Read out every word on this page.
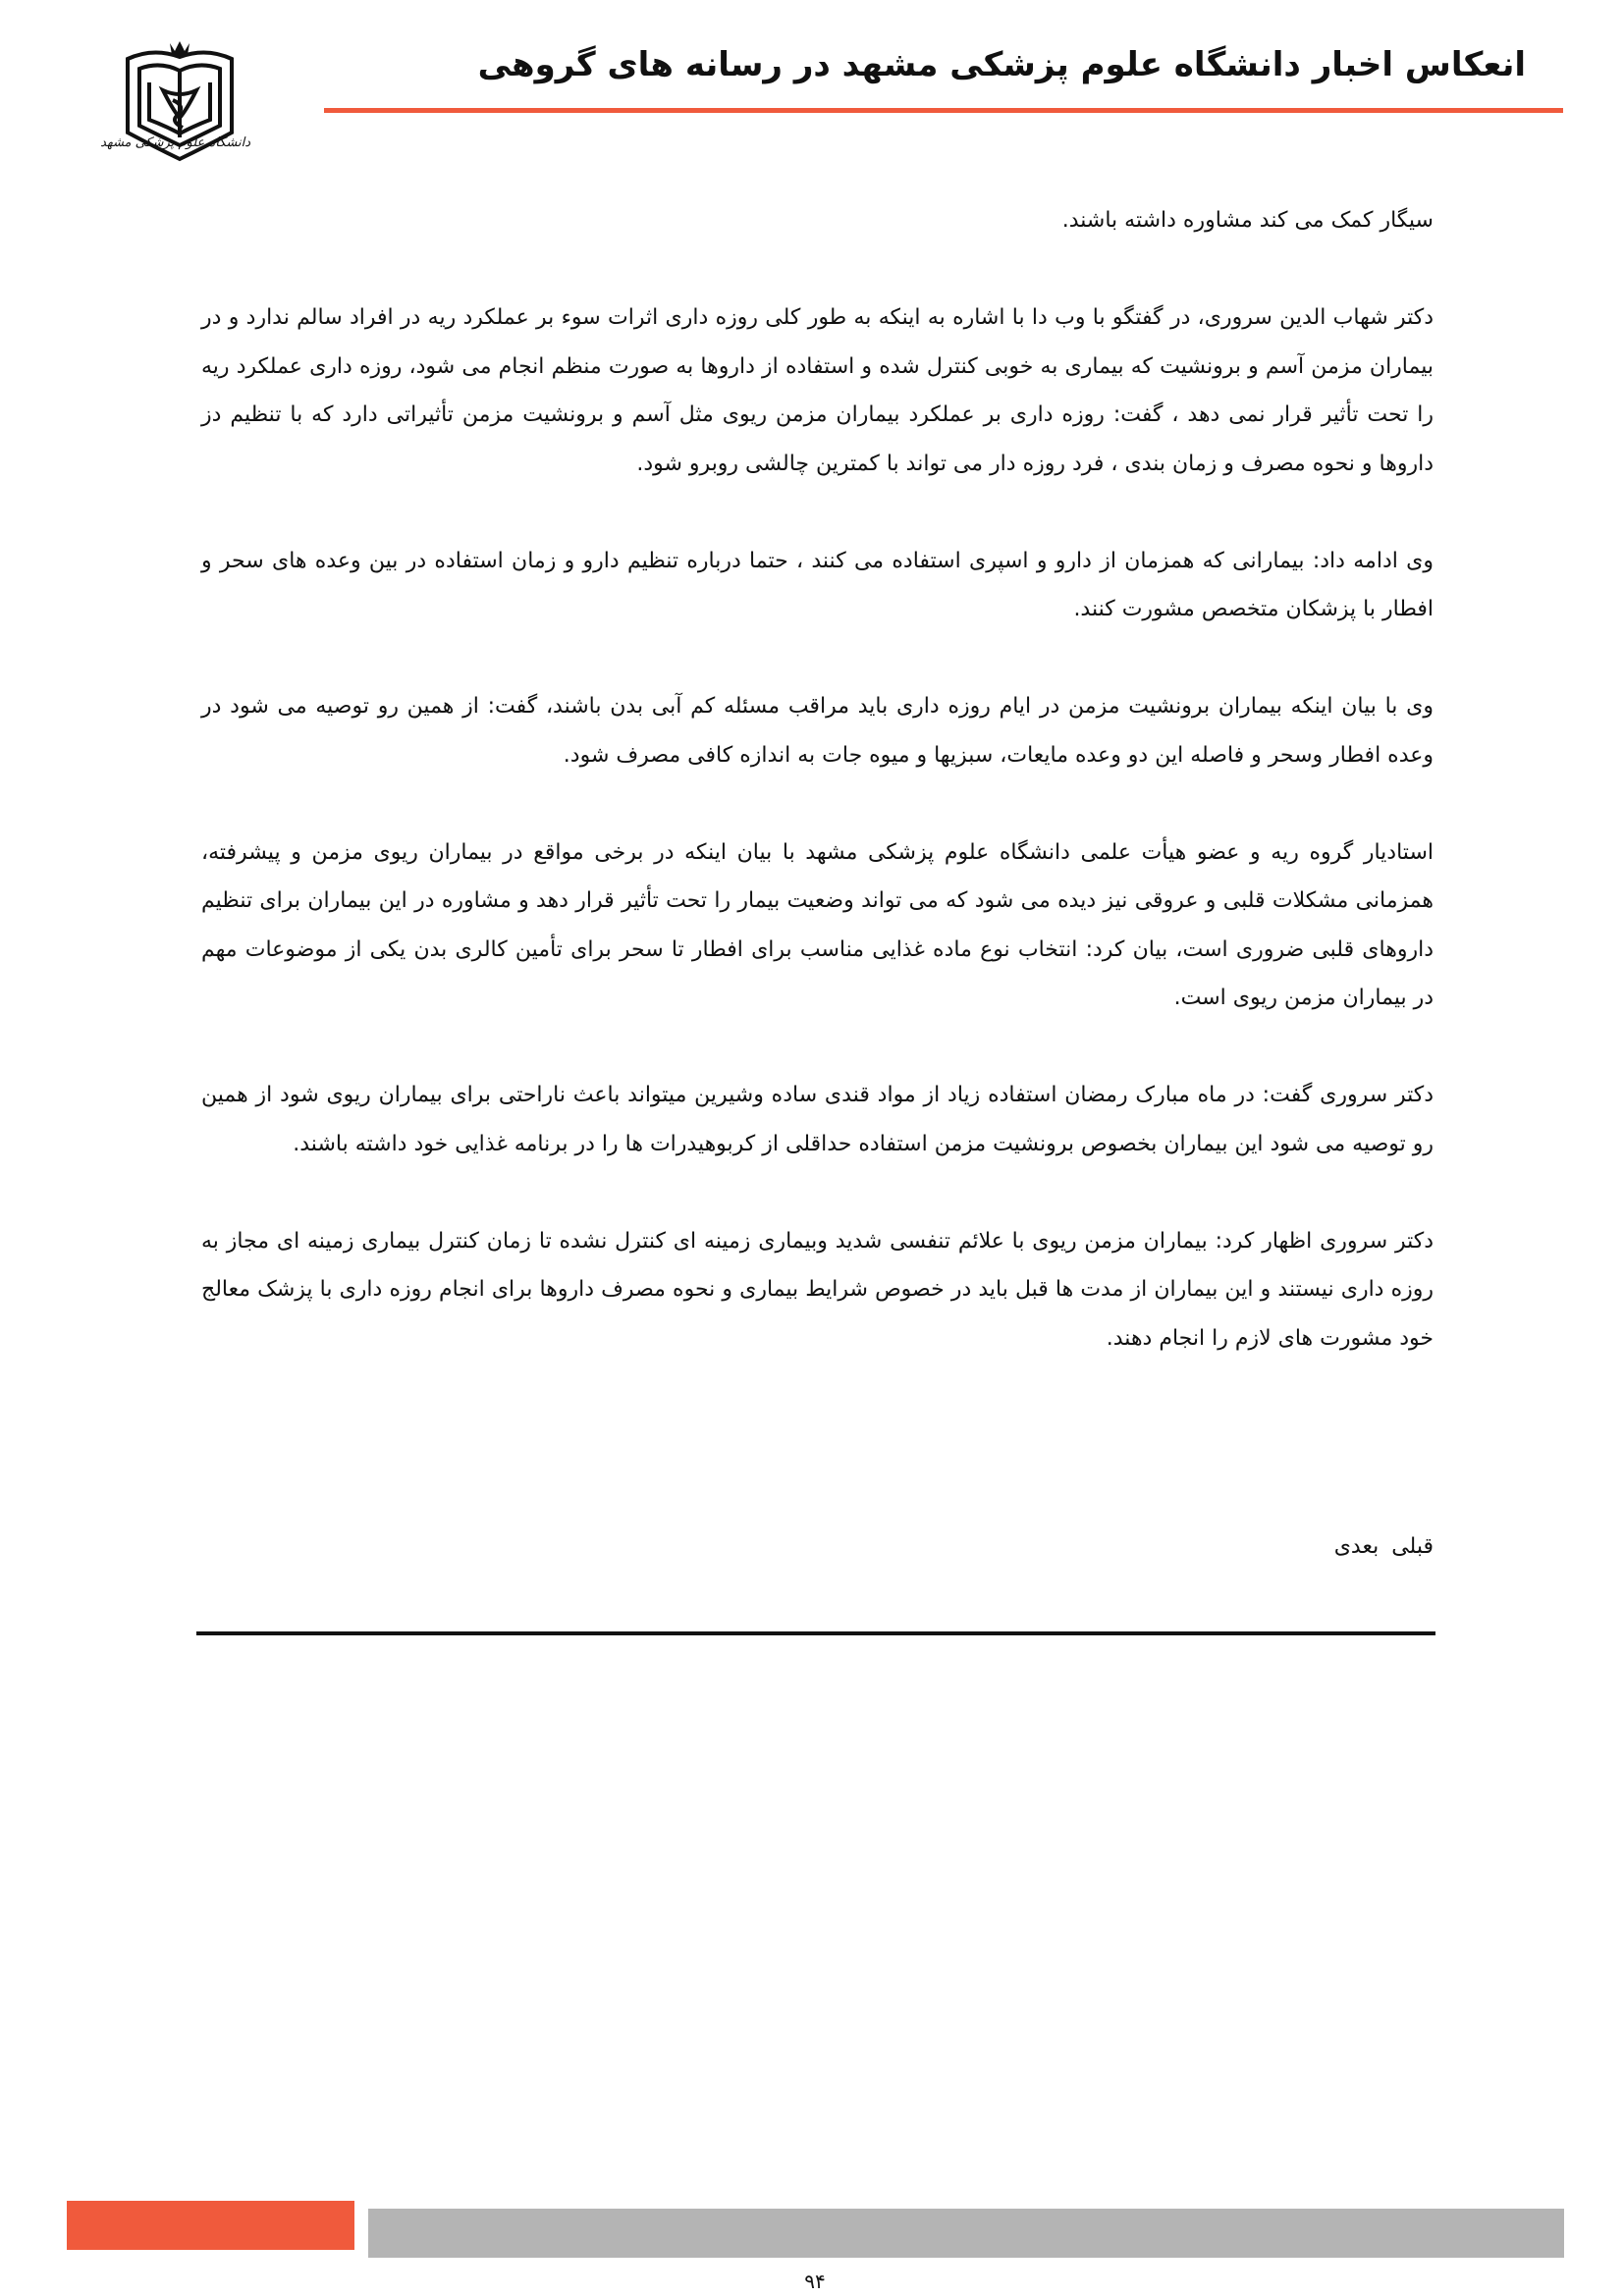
دانشگاه علوم پزشکی مشهد
انعکاس اخبار دانشگاه علوم پزشکی مشهد در رسانه های گروهی

سیگار کمک می کند مشاوره داشته باشند.

دکتر شهاب الدین سروری، در گفتگو با وب دا با اشاره به اینکه به طور کلی روزه داری اثرات سوء بر عملکرد ریه در افراد سالم ندارد و در بیماران مزمن آسم و برونشیت که بیماری به خوبی کنترل شده و استفاده از داروها به صورت منظم انجام می شود، روزه داری عملکرد ریه را تحت تأثیر قرار نمی دهد ، گفت: روزه داری بر عملکرد بیماران مزمن ریوی مثل آسم و برونشیت مزمن تأثیراتی دارد که با تنظیم دز داروها و نحوه مصرف و زمان بندی ، فرد روزه دار می تواند با کمترین چالشی روبرو شود.

وی ادامه داد: بیمارانی که همزمان از دارو و اسپری استفاده می کنند ، حتما درباره تنظیم دارو و زمان استفاده در بین وعده های سحر و افطار با پزشکان متخصص مشورت کنند.

وی با بیان اینکه بیماران برونشیت مزمن در ایام روزه داری باید مراقب مسئله کم آبی بدن باشند، گفت: از همین رو توصیه می شود در وعده افطار وسحر و فاصله این دو وعده مایعات، سبزیها و میوه جات به اندازه کافی مصرف شود.

استادیار گروه ریه و عضو هیأت علمی دانشگاه علوم پزشکی مشهد با بیان اینکه در برخی مواقع در بیماران ریوی مزمن و پیشرفته، همزمانی مشکلات قلبی و عروقی نیز دیده می شود که می تواند وضعیت بیمار را تحت تأثیر قرار دهد و مشاوره در این بیماران برای تنظیم داروهای قلبی ضروری است، بیان کرد: انتخاب نوع ماده غذایی مناسب برای افطار تا سحر برای تأمین کالری بدن یکی از موضوعات مهم در بیماران مزمن ریوی است.

دکتر سروری گفت: در ماه مبارک رمضان استفاده زیاد از مواد قندی ساده وشیرین میتواند باعث ناراحتی برای بیماران ریوی شود از همین رو توصیه می شود این بیماران بخصوص برونشیت مزمن استفاده حداقلی از کربوهیدرات ها را در برنامه غذایی خود داشته باشند.

دکتر سروری اظهار کرد: بیماران مزمن ریوی با علائم تنفسی شدید وبیماری زمینه ای کنترل نشده تا زمان کنترل بیماری زمینه ای مجاز به روزه داری نیستند و این بیماران از مدت ها قبل باید در خصوص شرایط بیماری و نحوه مصرف داروها برای انجام روزه داری با پزشک معالج خود مشورت های لازم را انجام دهند.

قبلی بعدی
۹۴
